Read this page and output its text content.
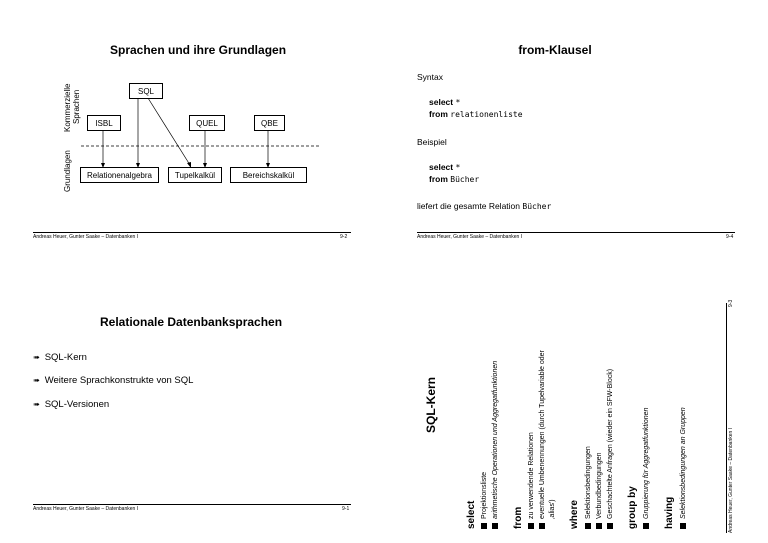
Sprachen und ihre Grundlagen
Kommerzielle Sprachen
Grundlagen
SQL
ISBL	QUEL	QBE
Relationenalgebra	Tupelkalkül	Bereichskalkül
Andreas Heuer, Gunter Saake – Datenbanken I	9-2
from-Klausel
Syntax
select *
from relationenliste
Beispiel
select *
from Bücher
liefert die gesamte Relation Bücher
Andreas Heuer, Gunter Saake – Datenbanken I	9-4
Relationale Datenbanksprachen
➠ SQL-Kern
➠ Weitere Sprachkonstrukte von SQL
➠ SQL-Versionen
Andreas Heuer, Gunter Saake – Datenbanken I	9-1	Andreas Heuer, Gunter Saake – Datenbanken I
9-3
SQL-Kern
select Projektionsliste arithmetische Operationen und Aggregatfunktionen from zu verwendende Relationen eventuelle Umbenennungen (durch Tupelvariable oder ‚alias') where Selektionsbedingungen Verbundbedingungen Geschachtelte Anfragen (wieder ein SFW-Block) group by Gruppierung für Aggregatfunktionen having Selektionsbedingungen an Gruppen
